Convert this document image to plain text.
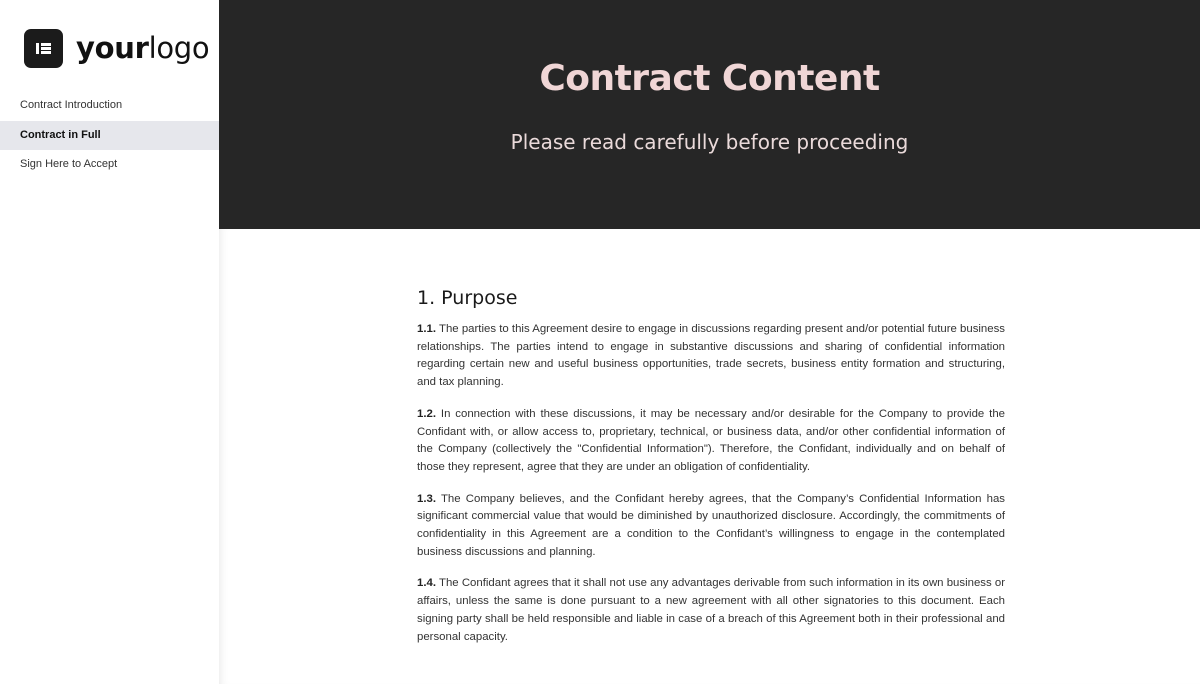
yourlogo
Contract Introduction
Contract in Full
Sign Here to Accept
Contract Content

Please read carefully before proceeding

1. Purpose

1.1. The parties to this Agreement desire to engage in discussions regarding present and/or potential future business relationships. The parties intend to engage in substantive discussions and sharing of confidential information regarding certain new and useful business opportunities, trade secrets, business entity formation and structuring, and tax planning.

1.2. In connection with these discussions, it may be necessary and/or desirable for the Company to provide the Confidant with, or allow access to, proprietary, technical, or business data, and/or other confidential information of the Company (collectively the "Confidential Information"). Therefore, the Confidant, individually and on behalf of those they represent, agree that they are under an obligation of confidentiality.

1.3. The Company believes, and the Confidant hereby agrees, that the Company’s Confidential Information has significant commercial value that would be diminished by unauthorized disclosure. Accordingly, the commitments of confidentiality in this Agreement are a condition to the Confidant’s willingness to engage in the contemplated business discussions and planning.

1.4. The Confidant agrees that it shall not use any advantages derivable from such information in its own business or affairs, unless the same is done pursuant to a new agreement with all other signatories to this document. Each signing party shall be held responsible and liable in case of a breach of this Agreement both in their professional and personal capacity.
